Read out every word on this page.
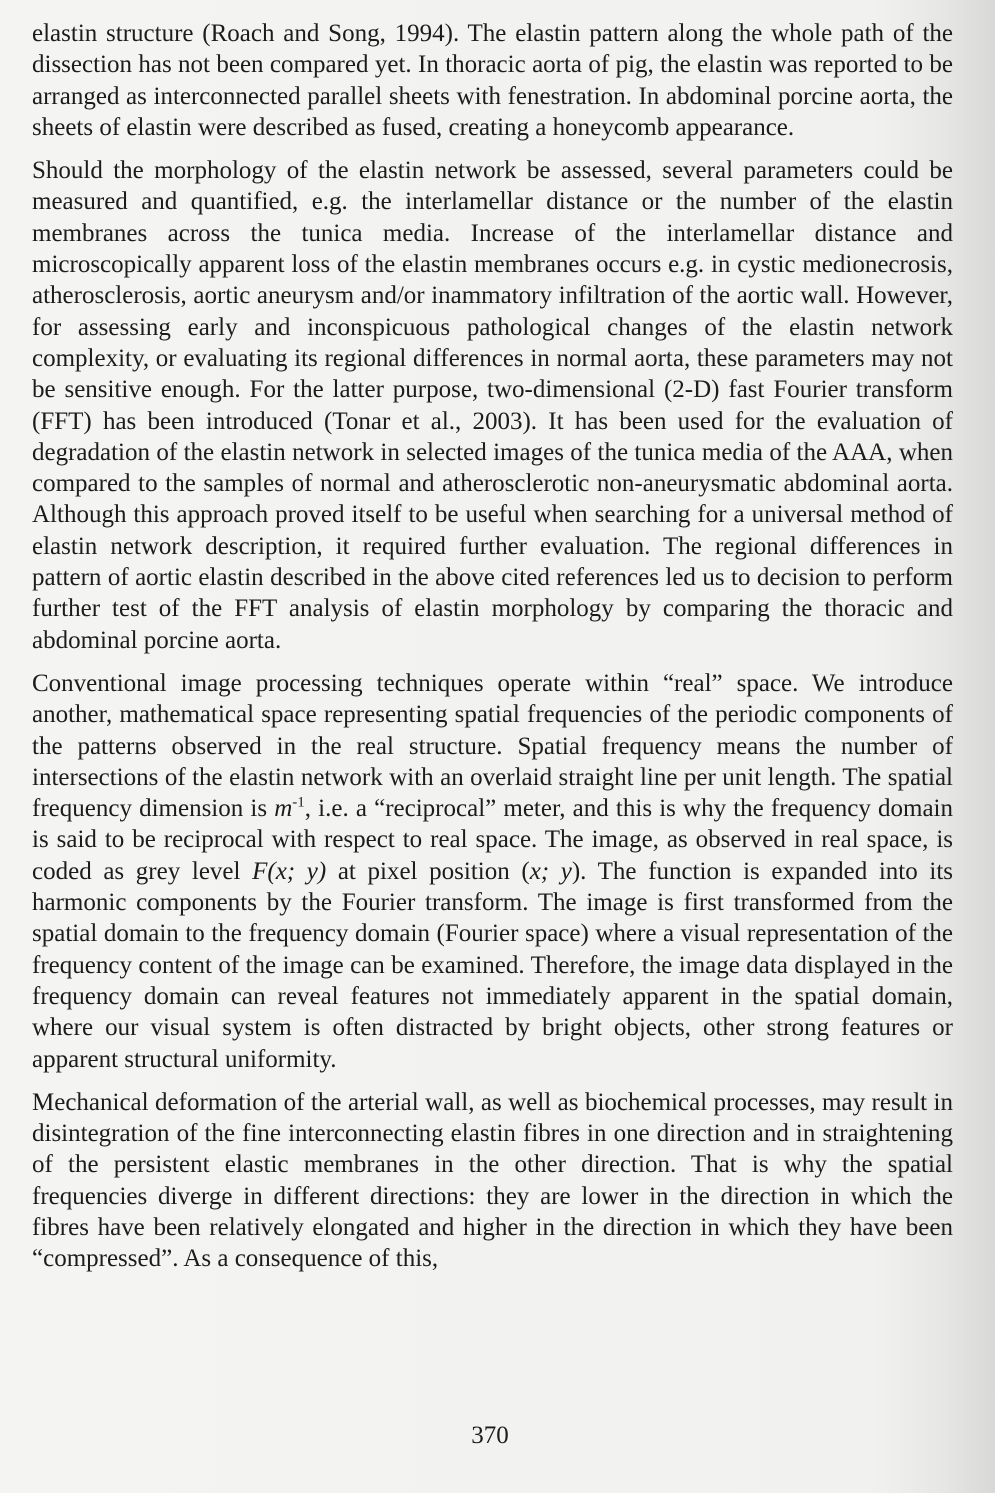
elastin structure (Roach and Song, 1994). The elastin pattern along the whole path of the dissection has not been compared yet. In thoracic aorta of pig, the elastin was reported to be arranged as interconnected parallel sheets with fenestration. In abdominal porcine aorta, the sheets of elastin were described as fused, creating a honeycomb appearance.

Should the morphology of the elastin network be assessed, several parameters could be measured and quantified, e.g. the interlamellar distance or the number of the elastin membranes across the tunica media. Increase of the interlamellar distance and microscopically apparent loss of the elastin membranes occurs e.g. in cystic medionecrosis, atherosclerosis, aortic aneurysm and/or inammatory infiltration of the aortic wall. However, for assessing early and inconspicuous pathological changes of the elastin network complexity, or evaluating its regional differences in normal aorta, these parameters may not be sensitive enough. For the latter purpose, two-dimensional (2-D) fast Fourier transform (FFT) has been introduced (Tonar et al., 2003). It has been used for the evaluation of degradation of the elastin network in selected images of the tunica media of the AAA, when compared to the samples of normal and atherosclerotic non-aneurysmatic abdominal aorta. Although this approach proved itself to be useful when searching for a universal method of elastin network description, it required further evaluation. The regional differences in pattern of aortic elastin described in the above cited references led us to decision to perform further test of the FFT analysis of elastin morphology by comparing the thoracic and abdominal porcine aorta.

Conventional image processing techniques operate within “real” space. We introduce another, mathematical space representing spatial frequencies of the periodic components of the patterns observed in the real structure. Spatial frequency means the number of intersections of the elastin network with an overlaid straight line per unit length. The spatial frequency dimension is $m^{-1}$, i.e. a “reciprocal” meter, and this is why the frequency domain is said to be reciprocal with respect to real space. The image, as observed in real space, is coded as grey level F(x; y) at pixel position (x; y). The function is expanded into its harmonic components by the Fourier transform. The image is first transformed from the spatial domain to the frequency domain (Fourier space) where a visual representation of the frequency content of the image can be examined. Therefore, the image data displayed in the frequency domain can reveal features not immediately apparent in the spatial domain, where our visual system is often distracted by bright objects, other strong features or apparent structural uniformity.

Mechanical deformation of the arterial wall, as well as biochemical processes, may result in disintegration of the fine interconnecting elastin fibres in one direction and in straightening of the persistent elastic membranes in the other direction. That is why the spatial frequencies diverge in different directions: they are lower in the direction in which the fibres have been relatively elongated and higher in the direction in which they have been “compressed”. As a consequence of this,

370
